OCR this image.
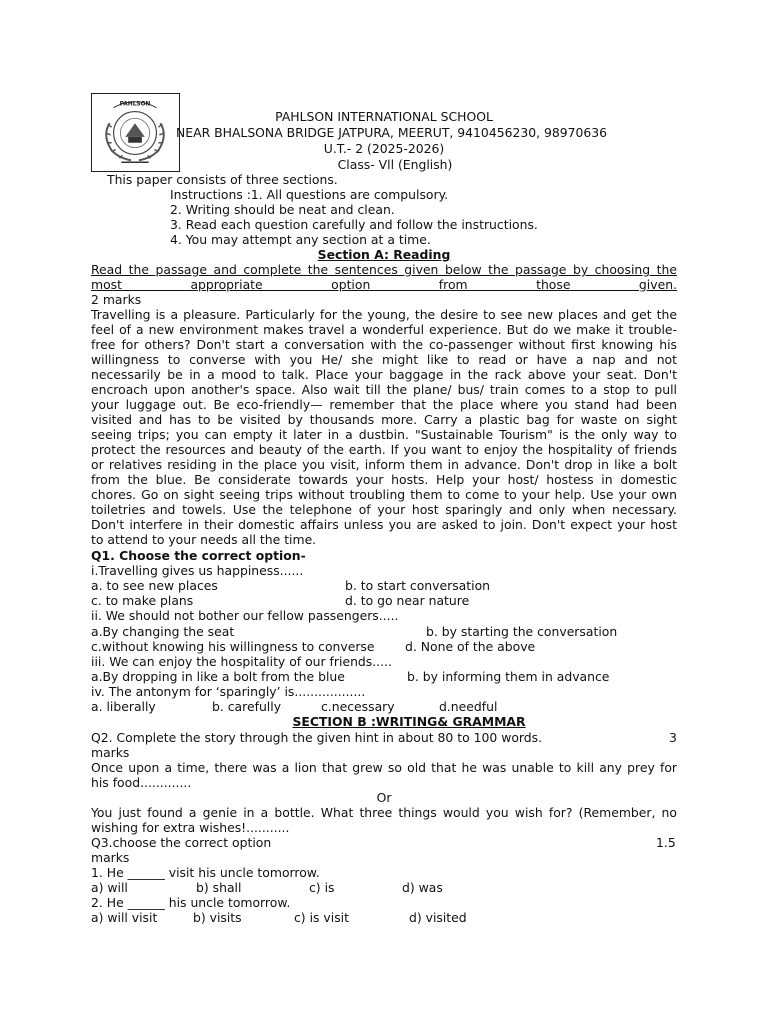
PAHLSON
PAHLSON INTERNATIONAL SCHOOL
NEAR BHALSONA BRIDGE JATPURA, MEERUT, 9410456230, 98970636
U.T.- 2 (2025-2026)
Class- Vll (English)
This paper consists of three sections.
Instructions :1. All questions are compulsory.
2. Writing should be neat and clean.
3. Read each question carefully and follow the instructions.
4. You may attempt any section at a time.
Section A: Reading
Read the passage and complete the sentences given below the passage by choosing the
most appropriate option from those given.
2 marks
Travelling is a pleasure. Particularly for the young, the desire to see new places and get the
feel of a new environment makes travel a wonderful experience. But do we make it trouble-
free for others? Don't start a conversation with the co-passenger without first knowing his
willingness to converse with you He/ she might like to read or have a nap and not
necessarily be in a mood to talk. Place your baggage in the rack above your seat. Don't
encroach upon another's space. Also wait till the plane/ bus/ train comes to a stop to pull
your luggage out. Be eco-friendly— remember that the place where you stand had been
visited and has to be visited by thousands more. Carry a plastic bag for waste on sight
seeing trips; you can empty it later in a dustbin. "Sustainable Tourism" is the only way to
protect the resources and beauty of the earth. If you want to enjoy the hospitality of friends
or relatives residing in the place you visit, inform them in advance. Don't drop in like a bolt
from the blue. Be considerate towards your hosts. Help your host/ hostess in domestic
chores. Go on sight seeing trips without troubling them to come to your help. Use your own
toiletries and towels. Use the telephone of your host sparingly and only when necessary.
Don't interfere in their domestic affairs unless you are asked to join. Don't expect your host
to attend to your needs all the time.
Q1. Choose the correct option-
i.Travelling gives us happiness......
a. to see new places	b. to start conversation
c. to make plans	d. to go near nature
ii. We should not bother our fellow passengers.....
a.By changing the seat	b. by starting the conversation
c.without knowing his willingness to converse d. None of the above
iii. We can enjoy the hospitality of our friends.....
a.By dropping in like a bolt from the blue	b. by informing them in advance
iv. The antonym for ‘sparingly’ is..................
a. liberally	b. carefully	c.necessary	d.needful
SECTION B :WRITING& GRAMMAR
Q2. Complete the story through the given hint in about 80 to 100 words.	3
marks
Once upon a time, there was a lion that grew so old that he was unable to kill any prey for
his food.............
Or
You just found a genie in a bottle. What three things would you wish for? (Remember, no
wishing for extra wishes!...........
Q3.choose the correct option	1.5
marks
1. He ______ visit his uncle tomorrow.
a) will	b) shall	c) is	d) was
2. He ______ his uncle tomorrow.
a) will visit	b) visits	c) is visit	d) visited
